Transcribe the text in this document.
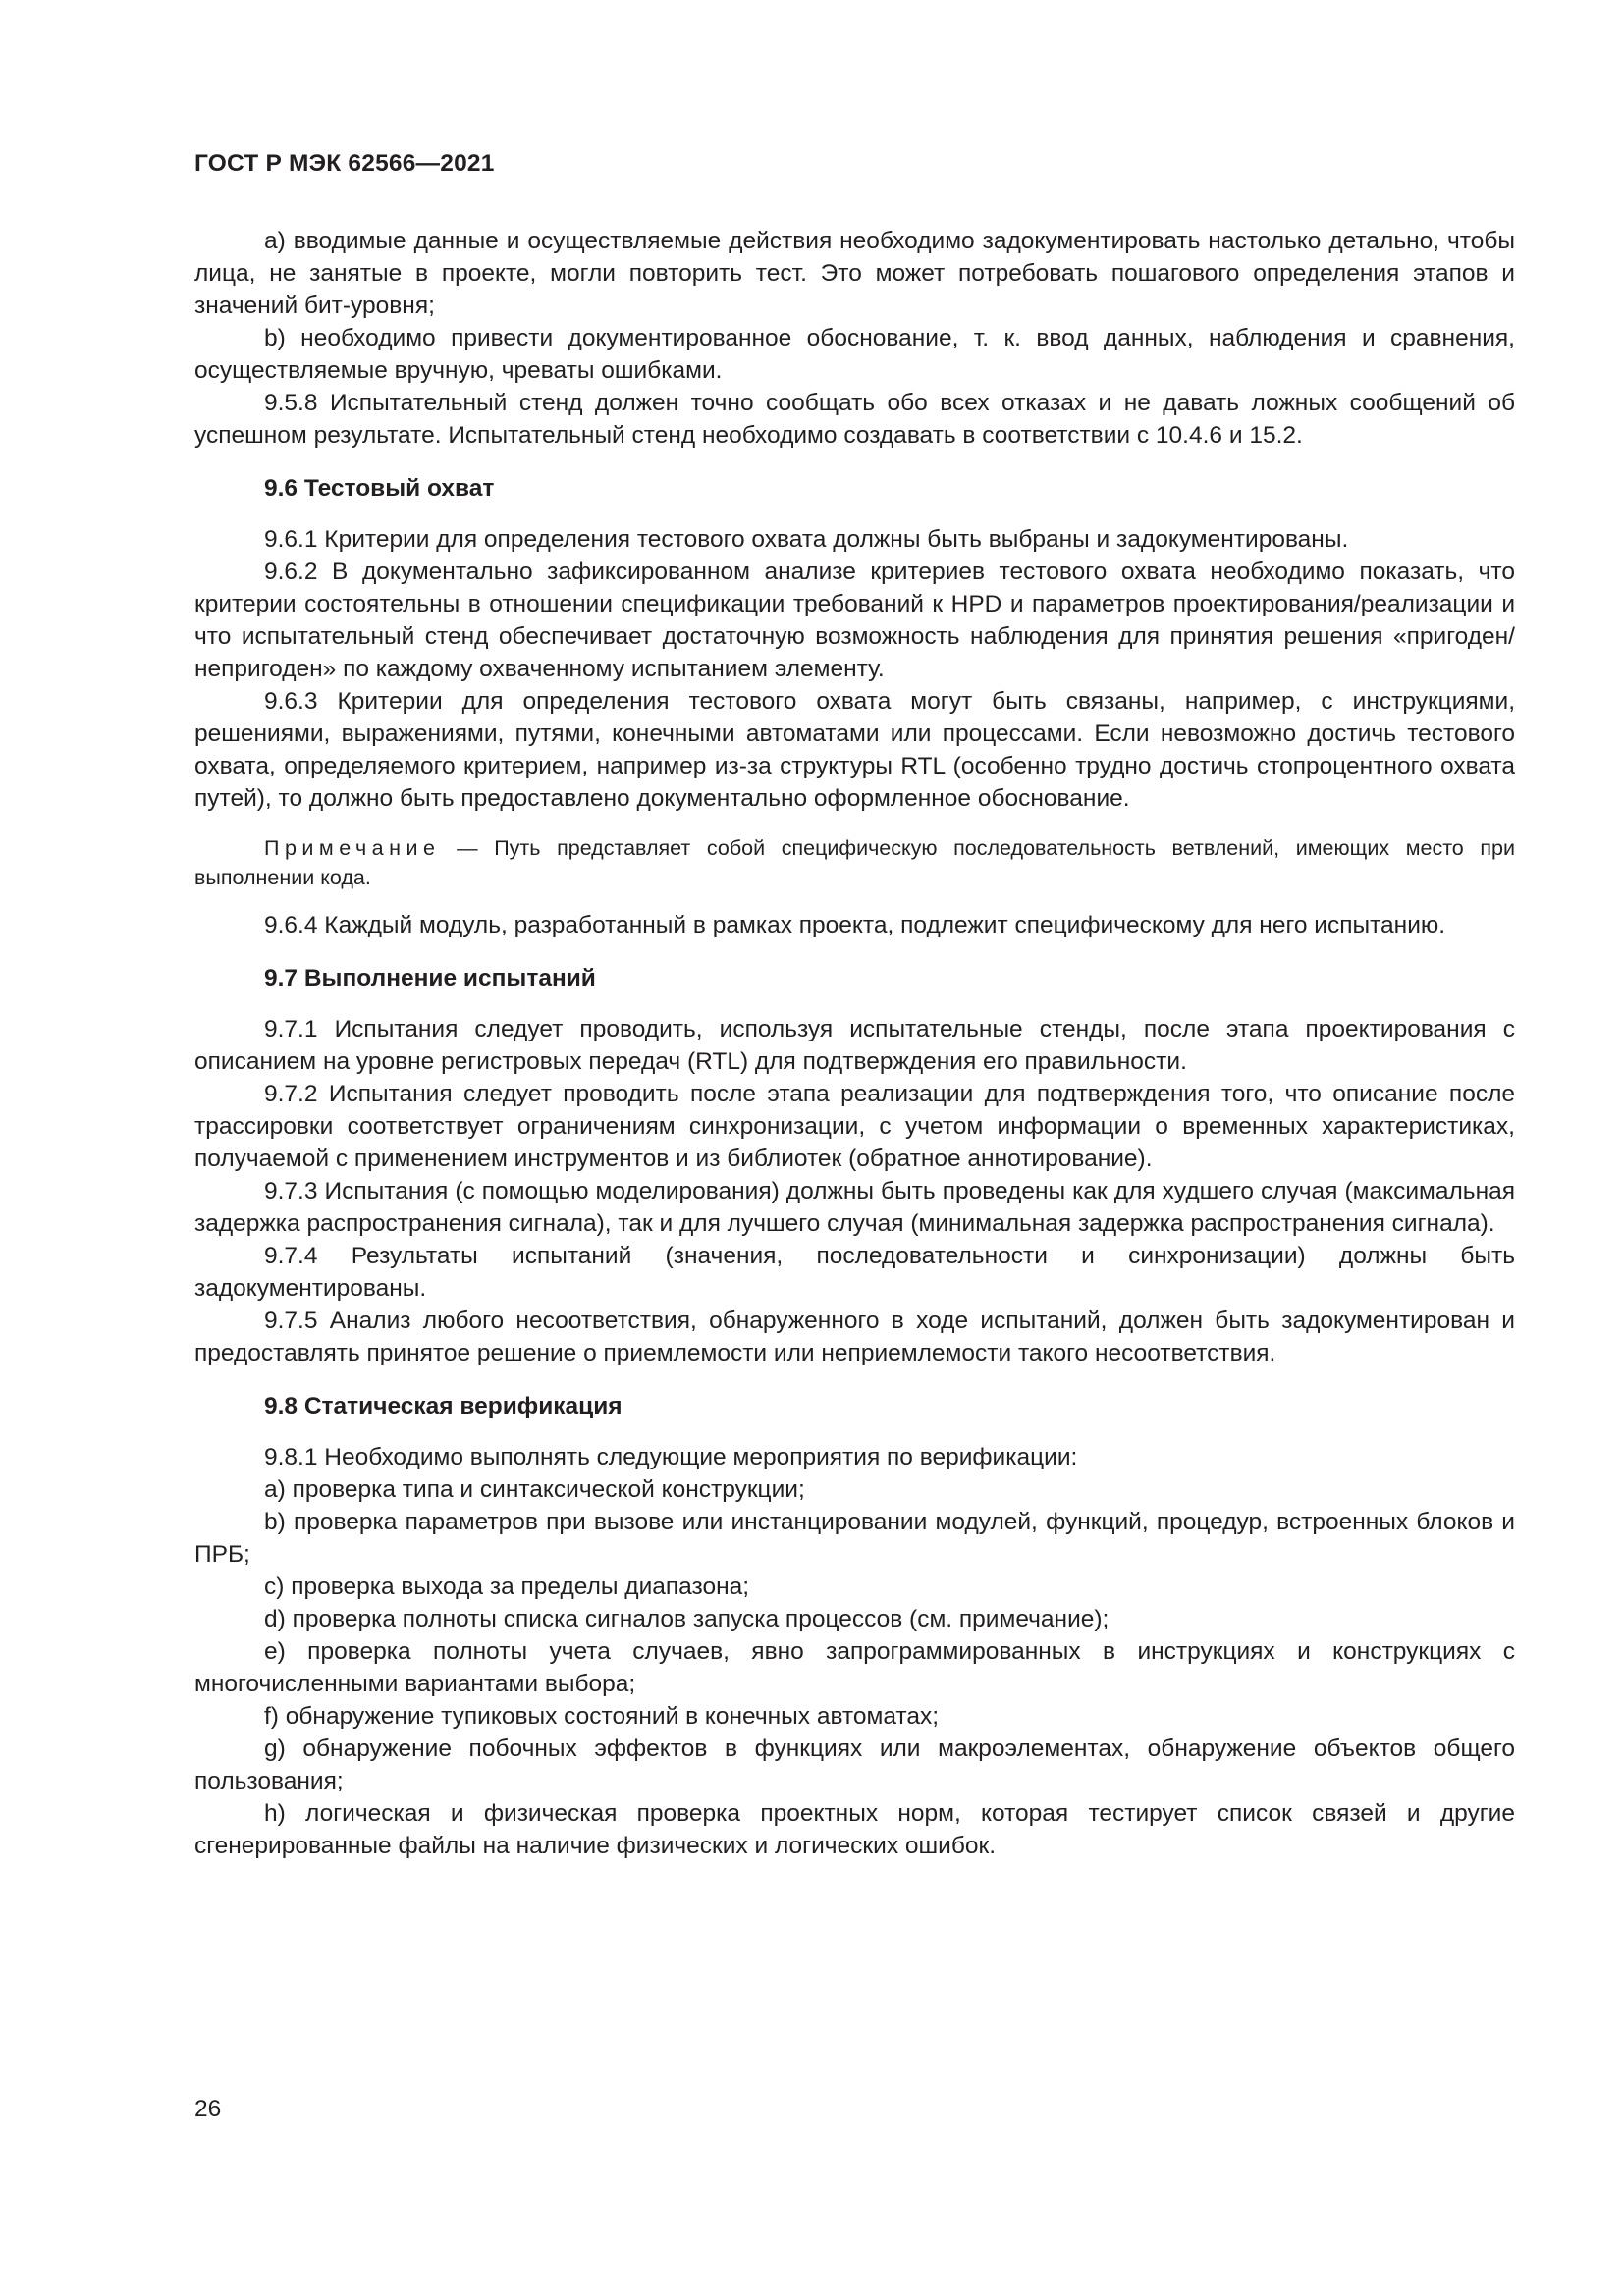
ГОСТ Р МЭК 62566—2021

a) вводимые данные и осуществляемые действия необходимо задокументировать настолько детально, чтобы лица, не занятые в проекте, могли повторить тест. Это может потребовать пошагового определения этапов и значений бит-уровня;

b) необходимо привести документированное обоснование, т. к. ввод данных, наблюдения и сравнения, осуществляемые вручную, чреваты ошибками.

9.5.8 Испытательный стенд должен точно сообщать обо всех отказах и не давать ложных сообщений об успешном результате. Испытательный стенд необходимо создавать в соответствии с 10.4.6 и 15.2.

9.6 Тестовый охват

9.6.1 Критерии для определения тестового охвата должны быть выбраны и задокументированы.

9.6.2 В документально зафиксированном анализе критериев тестового охвата необходимо показать, что критерии состоятельны в отношении спецификации требований к HPD и параметров проектирования/реализации и что испытательный стенд обеспечивает достаточную возможность наблюдения для принятия решения «пригоден/непригоден» по каждому охваченному испытанием элементу.

9.6.3 Критерии для определения тестового охвата могут быть связаны, например, с инструкциями, решениями, выражениями, путями, конечными автоматами или процессами. Если невозможно достичь тестового охвата, определяемого критерием, например из-за структуры RTL (особенно трудно достичь стопроцентного охвата путей), то должно быть предоставлено документально оформленное обоснование.

Примечание — Путь представляет собой специфическую последовательность ветвлений, имеющих место при выполнении кода.

9.6.4 Каждый модуль, разработанный в рамках проекта, подлежит специфическому для него испытанию.

9.7 Выполнение испытаний

9.7.1 Испытания следует проводить, используя испытательные стенды, после этапа проектирования с описанием на уровне регистровых передач (RTL) для подтверждения его правильности.

9.7.2 Испытания следует проводить после этапа реализации для подтверждения того, что описание после трассировки соответствует ограничениям синхронизации, с учетом информации о временных характеристиках, получаемой с применением инструментов и из библиотек (обратное аннотирование).

9.7.3 Испытания (с помощью моделирования) должны быть проведены как для худшего случая (максимальная задержка распространения сигнала), так и для лучшего случая (минимальная задержка распространения сигнала).

9.7.4 Результаты испытаний (значения, последовательности и синхронизации) должны быть задокументированы.

9.7.5 Анализ любого несоответствия, обнаруженного в ходе испытаний, должен быть задокументирован и предоставлять принятое решение о приемлемости или неприемлемости такого несоответствия.

9.8 Статическая верификация

9.8.1 Необходимо выполнять следующие мероприятия по верификации:

a) проверка типа и синтаксической конструкции;

b) проверка параметров при вызове или инстанцировании модулей, функций, процедур, встроенных блоков и ПРБ;

c) проверка выхода за пределы диапазона;

d) проверка полноты списка сигналов запуска процессов (см. примечание);

e) проверка полноты учета случаев, явно запрограммированных в инструкциях и конструкциях с многочисленными вариантами выбора;

f) обнаружение тупиковых состояний в конечных автоматах;

g) обнаружение побочных эффектов в функциях или макроэлементах, обнаружение объектов общего пользования;

h) логическая и физическая проверка проектных норм, которая тестирует список связей и другие сгенерированные файлы на наличие физических и логических ошибок.

26
